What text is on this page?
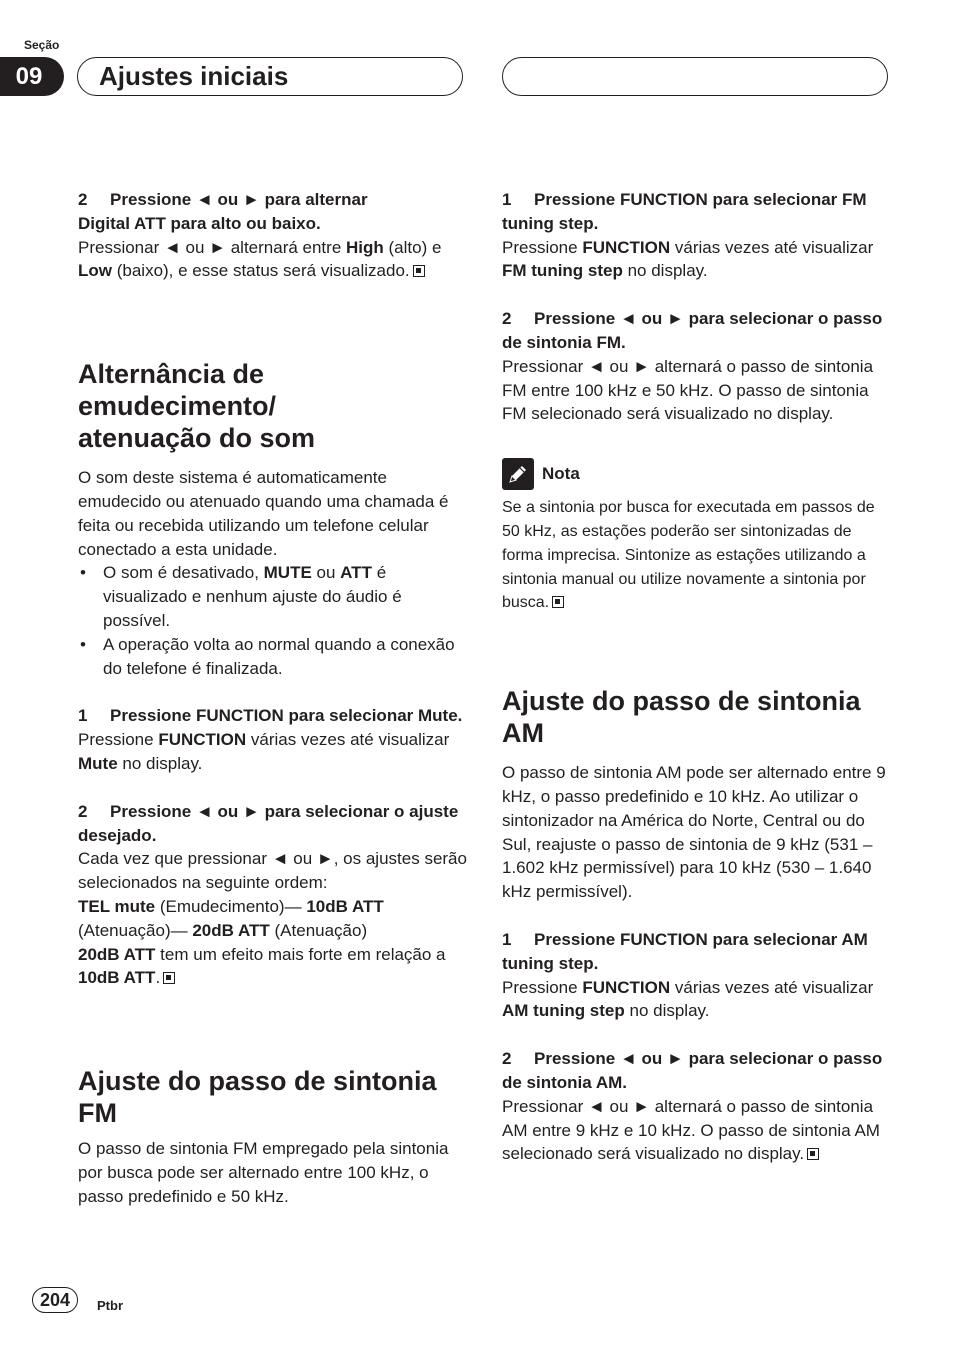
Seção
09	Ajustes iniciais

2 Pressione ◄ ou ► para alternar
Digital ATT para alto ou baixo.

Pressionar ◄ ou ► alternará entre High (alto) e Low (baixo), e esse status será visualizado.

Alternância de emudecimento/
atenuação do som

O som deste sistema é automaticamente emudecido ou atenuado quando uma chamada é feita ou recebida utilizando um telefone celular conectado a esta unidade.

• O som é desativado, MUTE ou ATT é visualizado e nenhum ajuste do áudio é possível.
• A operação volta ao normal quando a conexão do telefone é finalizada.

1 Pressione FUNCTION para selecionar Mute.

Pressione FUNCTION várias vezes até visualizar Mute no display.

2 Pressione ◄ ou ► para selecionar o ajuste desejado.

Cada vez que pressionar ◄ ou ►, os ajustes serão selecionados na seguinte ordem:

TEL mute (Emudecimento)— 10dB ATT (Atenuação)— 20dB ATT (Atenuação)

20dB ATT tem um efeito mais forte em relação a 10dB ATT.

Ajuste do passo de sintonia
FM

O passo de sintonia FM empregado pela sintonia por busca pode ser alternado entre 100 kHz, o passo predefinido e 50 kHz.

1 Pressione FUNCTION para selecionar FM tuning step.

Pressione FUNCTION várias vezes até visualizar FM tuning step no display.

2 Pressione ◄ ou ► para selecionar o passo de sintonia FM.

Pressionar ◄ ou ► alternará o passo de sintonia FM entre 100 kHz e 50 kHz. O passo de sintonia FM selecionado será visualizado no display.

Nota

Se a sintonia por busca for executada em passos de 50 kHz, as estações poderão ser sintonizadas de forma imprecisa. Sintonize as estações utilizando a sintonia manual ou utilize novamente a sintonia por busca.

Ajuste do passo de sintonia
AM

O passo de sintonia AM pode ser alternado entre 9 kHz, o passo predefinido e 10 kHz. Ao utilizar o sintonizador na América do Norte, Central ou do Sul, reajuste o passo de sintonia de 9 kHz (531 – 1.602 kHz permissível) para 10 kHz (530 – 1.640 kHz permissível).

1 Pressione FUNCTION para selecionar AM tuning step.

Pressione FUNCTION várias vezes até visualizar AM tuning step no display.

2 Pressione ◄ ou ► para selecionar o passo de sintonia AM.

Pressionar ◄ ou ► alternará o passo de sintonia AM entre 9 kHz e 10 kHz. O passo de sintonia AM selecionado será visualizado no display.

204	Ptbr
